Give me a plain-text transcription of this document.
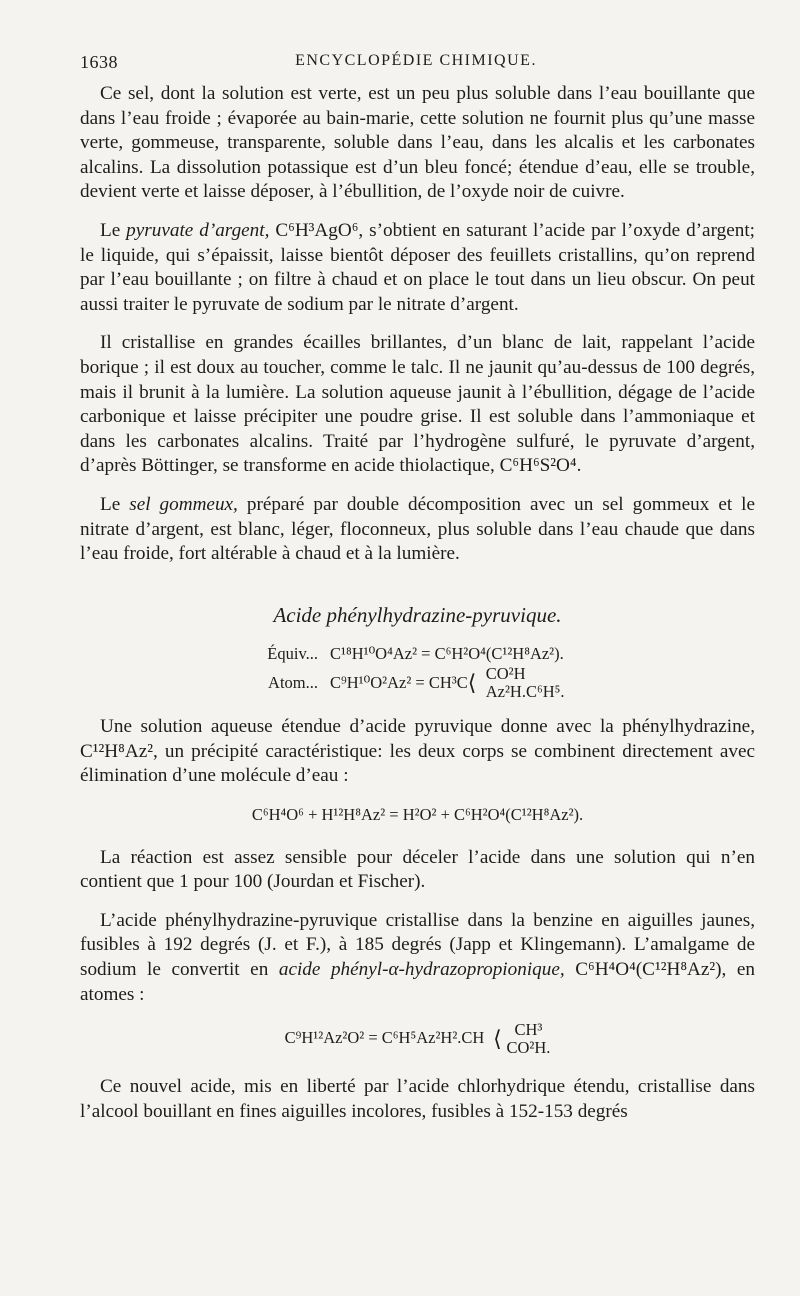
1638	ENCYCLOPÉDIE CHIMIQUE.

Ce sel, dont la solution est verte, est un peu plus soluble dans l’eau bouillante que dans l’eau froide ; évaporée au bain-marie, cette solution ne fournit plus qu’une masse verte, gommeuse, transparente, soluble dans l’eau, dans les alcalis et les carbonates alcalins. La dissolution potassique est d’un bleu foncé; étendue d’eau, elle se trouble, devient verte et laisse déposer, à l’ébullition, de l’oxyde noir de cuivre.

Le pyruvate d’argent, C⁶H³AgO⁶, s’obtient en saturant l’acide par l’oxyde d’argent; le liquide, qui s’épaissit, laisse bientôt déposer des feuillets cristallins, qu’on reprend par l’eau bouillante ; on filtre à chaud et on place le tout dans un lieu obscur. On peut aussi traiter le pyruvate de sodium par le nitrate d’argent.

Il cristallise en grandes écailles brillantes, d’un blanc de lait, rappelant l’acide borique ; il est doux au toucher, comme le talc. Il ne jaunit qu’au-dessus de 100 degrés, mais il brunit à la lumière. La solution aqueuse jaunit à l’ébullition, dégage de l’acide carbonique et laisse précipiter une poudre grise. Il est soluble dans l’ammoniaque et dans les carbonates alcalins. Traité par l’hydrogène sulfuré, le pyruvate d’argent, d’après Böttinger, se transforme en acide thiolactique, C⁶H⁶S²O⁴.

Le sel gommeux, préparé par double décomposition avec un sel gommeux et le nitrate d’argent, est blanc, léger, floconneux, plus soluble dans l’eau chaude que dans l’eau froide, fort altérable à chaud et à la lumière.

Acide phénylhydrazine-pyruvique.
Équiv... C¹⁸H¹⁰O⁴Az² = C⁶H²O⁴(C¹²H⁸Az²).
Atom... C⁹H¹⁰O²Az² = CH³C ⟨ CO²H
Az²H.C⁶H⁵.

Une solution aqueuse étendue d’acide pyruvique donne avec la phénylhydrazine, C¹²H⁸Az², un précipité caractéristique: les deux corps se combinent directement avec élimination d’une molécule d’eau :

C⁶H⁴O⁶ + H¹²H⁸Az² = H²O² + C⁶H²O⁴(C¹²H⁸Az²).

La réaction est assez sensible pour déceler l’acide dans une solution qui n’en contient que 1 pour 100 (Jourdan et Fischer).

L’acide phénylhydrazine-pyruvique cristallise dans la benzine en aiguilles jaunes, fusibles à 192 degrés (J. et F.), à 185 degrés (Japp et Klingemann). L’amalgame de sodium le convertit en acide phényl-α-hydrazopropionique, C⁶H⁴O⁴(C¹²H⁸Az²), en atomes :

C⁹H¹²Az²O² = C⁶H⁵Az²H².CH ⟨ CH³
CO²H.

Ce nouvel acide, mis en liberté par l’acide chlorhydrique étendu, cristallise dans l’alcool bouillant en fines aiguilles incolores, fusibles à 152-153 degrés
